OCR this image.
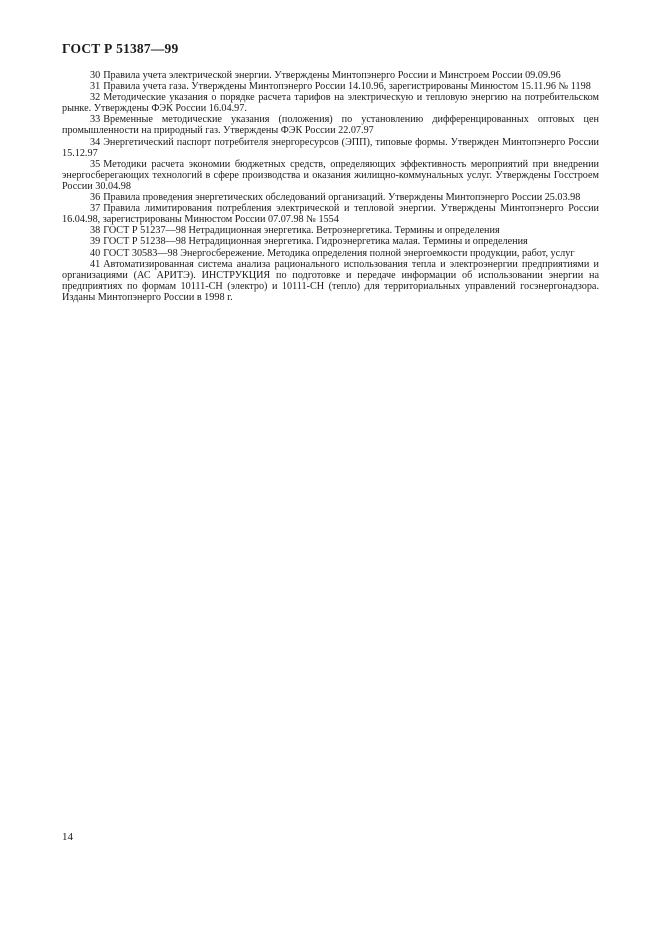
ГОСТ Р 51387—99

30 Правила учета электрической энергии. Утверждены Минтопэнерго России и Минстроем России 09.09.96

31 Правила учета газа. Утверждены Минтопэнерго России 14.10.96, зарегистрированы Минюстом 15.11.96 № 1198

32 Методические указания о порядке расчета тарифов на электрическую и тепловую энергию на потребительском рынке. Утверждены ФЭК России 16.04.97.

33 Временные методические указания (положения) по установлению дифференцированных оптовых цен промышленности на природный газ. Утверждены ФЭК России 22.07.97

34 Энергетический паспорт потребителя энергоресурсов (ЭПП), типовые формы. Утвержден Минтопэнерго России 15.12.97

35 Методики расчета экономии бюджетных средств, определяющих эффективность мероприятий при внедрении энергосберегающих технологий в сфере производства и оказания жилищно-коммунальных услуг. Утверждены Госстроем России 30.04.98

36 Правила проведения энергетических обследований организаций. Утверждены Минтопэнерго России 25.03.98

37 Правила лимитирования потребления электрической и тепловой энергии. Утверждены Минтопэнерго России 16.04.98, зарегистрированы Минюстом России 07.07.98 № 1554

38 ГОСТ Р 51237—98 Нетрадиционная энергетика. Ветроэнергетика. Термины и определения

39 ГОСТ Р 51238—98 Нетрадиционная энергетика. Гидроэнергетика малая. Термины и определения

40 ГОСТ 30583—98 Энергосбережение. Методика определения полной энергоемкости продукции, работ, услуг

41 Автоматизированная система анализа рационального использования тепла и электроэнергии предприятиями и организациями (АС АРИТЭ). ИНСТРУКЦИЯ по подготовке и передаче информации об использовании энергии на предприятиях по формам 10111-СН (электро) и 10111-СН (тепло) для территориальных управлений госэнергонадзора. Изданы Минтопэнерго России в 1998 г.

14
